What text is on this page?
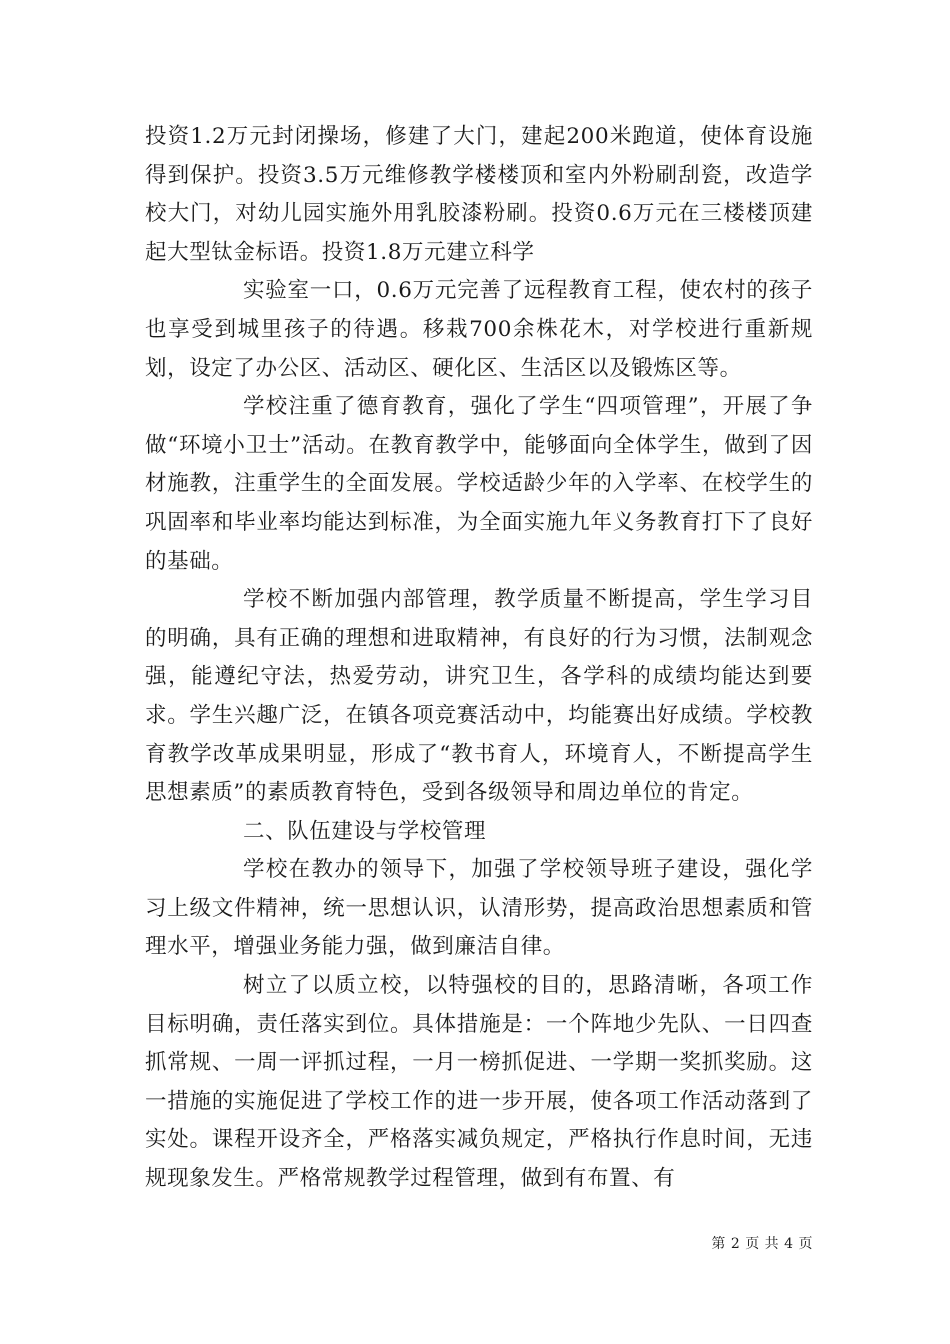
投资1.2万元封闭操场，修建了大门，建起200米跑道，使体育设施得到保护。投资3.5万元维修教学楼楼顶和室内外粉刷刮瓷，改造学校大门，对幼儿园实施外用乳胶漆粉刷。投资0.6万元在三楼楼顶建起大型钛金标语。投资1.8万元建立科学

实验室一口，0.6万元完善了远程教育工程，使农村的孩子也享受到城里孩子的待遇。移栽700余株花木，对学校进行重新规划，设定了办公区、活动区、硬化区、生活区以及锻炼区等。

学校注重了德育教育，强化了学生“四项管理”，开展了争做“环境小卫士”活动。在教育教学中，能够面向全体学生，做到了因材施教，注重学生的全面发展。学校适龄少年的入学率、在校学生的巩固率和毕业率均能达到标准，为全面实施九年义务教育打下了良好的基础。

学校不断加强内部管理，教学质量不断提高，学生学习目的明确，具有正确的理想和进取精神，有良好的行为习惯，法制观念强，能遵纪守法，热爱劳动，讲究卫生，各学科的成绩均能达到要求。学生兴趣广泛，在镇各项竞赛活动中，均能赛出好成绩。学校教育教学改革成果明显，形成了“教书育人，环境育人，不断提高学生思想素质”的素质教育特色，受到各级领导和周边单位的肯定。

二、队伍建设与学校管理

学校在教办的领导下，加强了学校领导班子建设，强化学习上级文件精神，统一思想认识，认清形势，提高政治思想素质和管理水平，增强业务能力强，做到廉洁自律。

树立了以质立校，以特强校的目的，思路清晰，各项工作目标明确，责任落实到位。具体措施是：一个阵地少先队、一日四查抓常规、一周一评抓过程，一月一榜抓促进、一学期一奖抓奖励。这一措施的实施促进了学校工作的进一步开展，使各项工作活动落到了实处。课程开设齐全，严格落实减负规定，严格执行作息时间，无违规现象发生。严格常规教学过程管理，做到有布置、有

第 2 页 共 4 页
